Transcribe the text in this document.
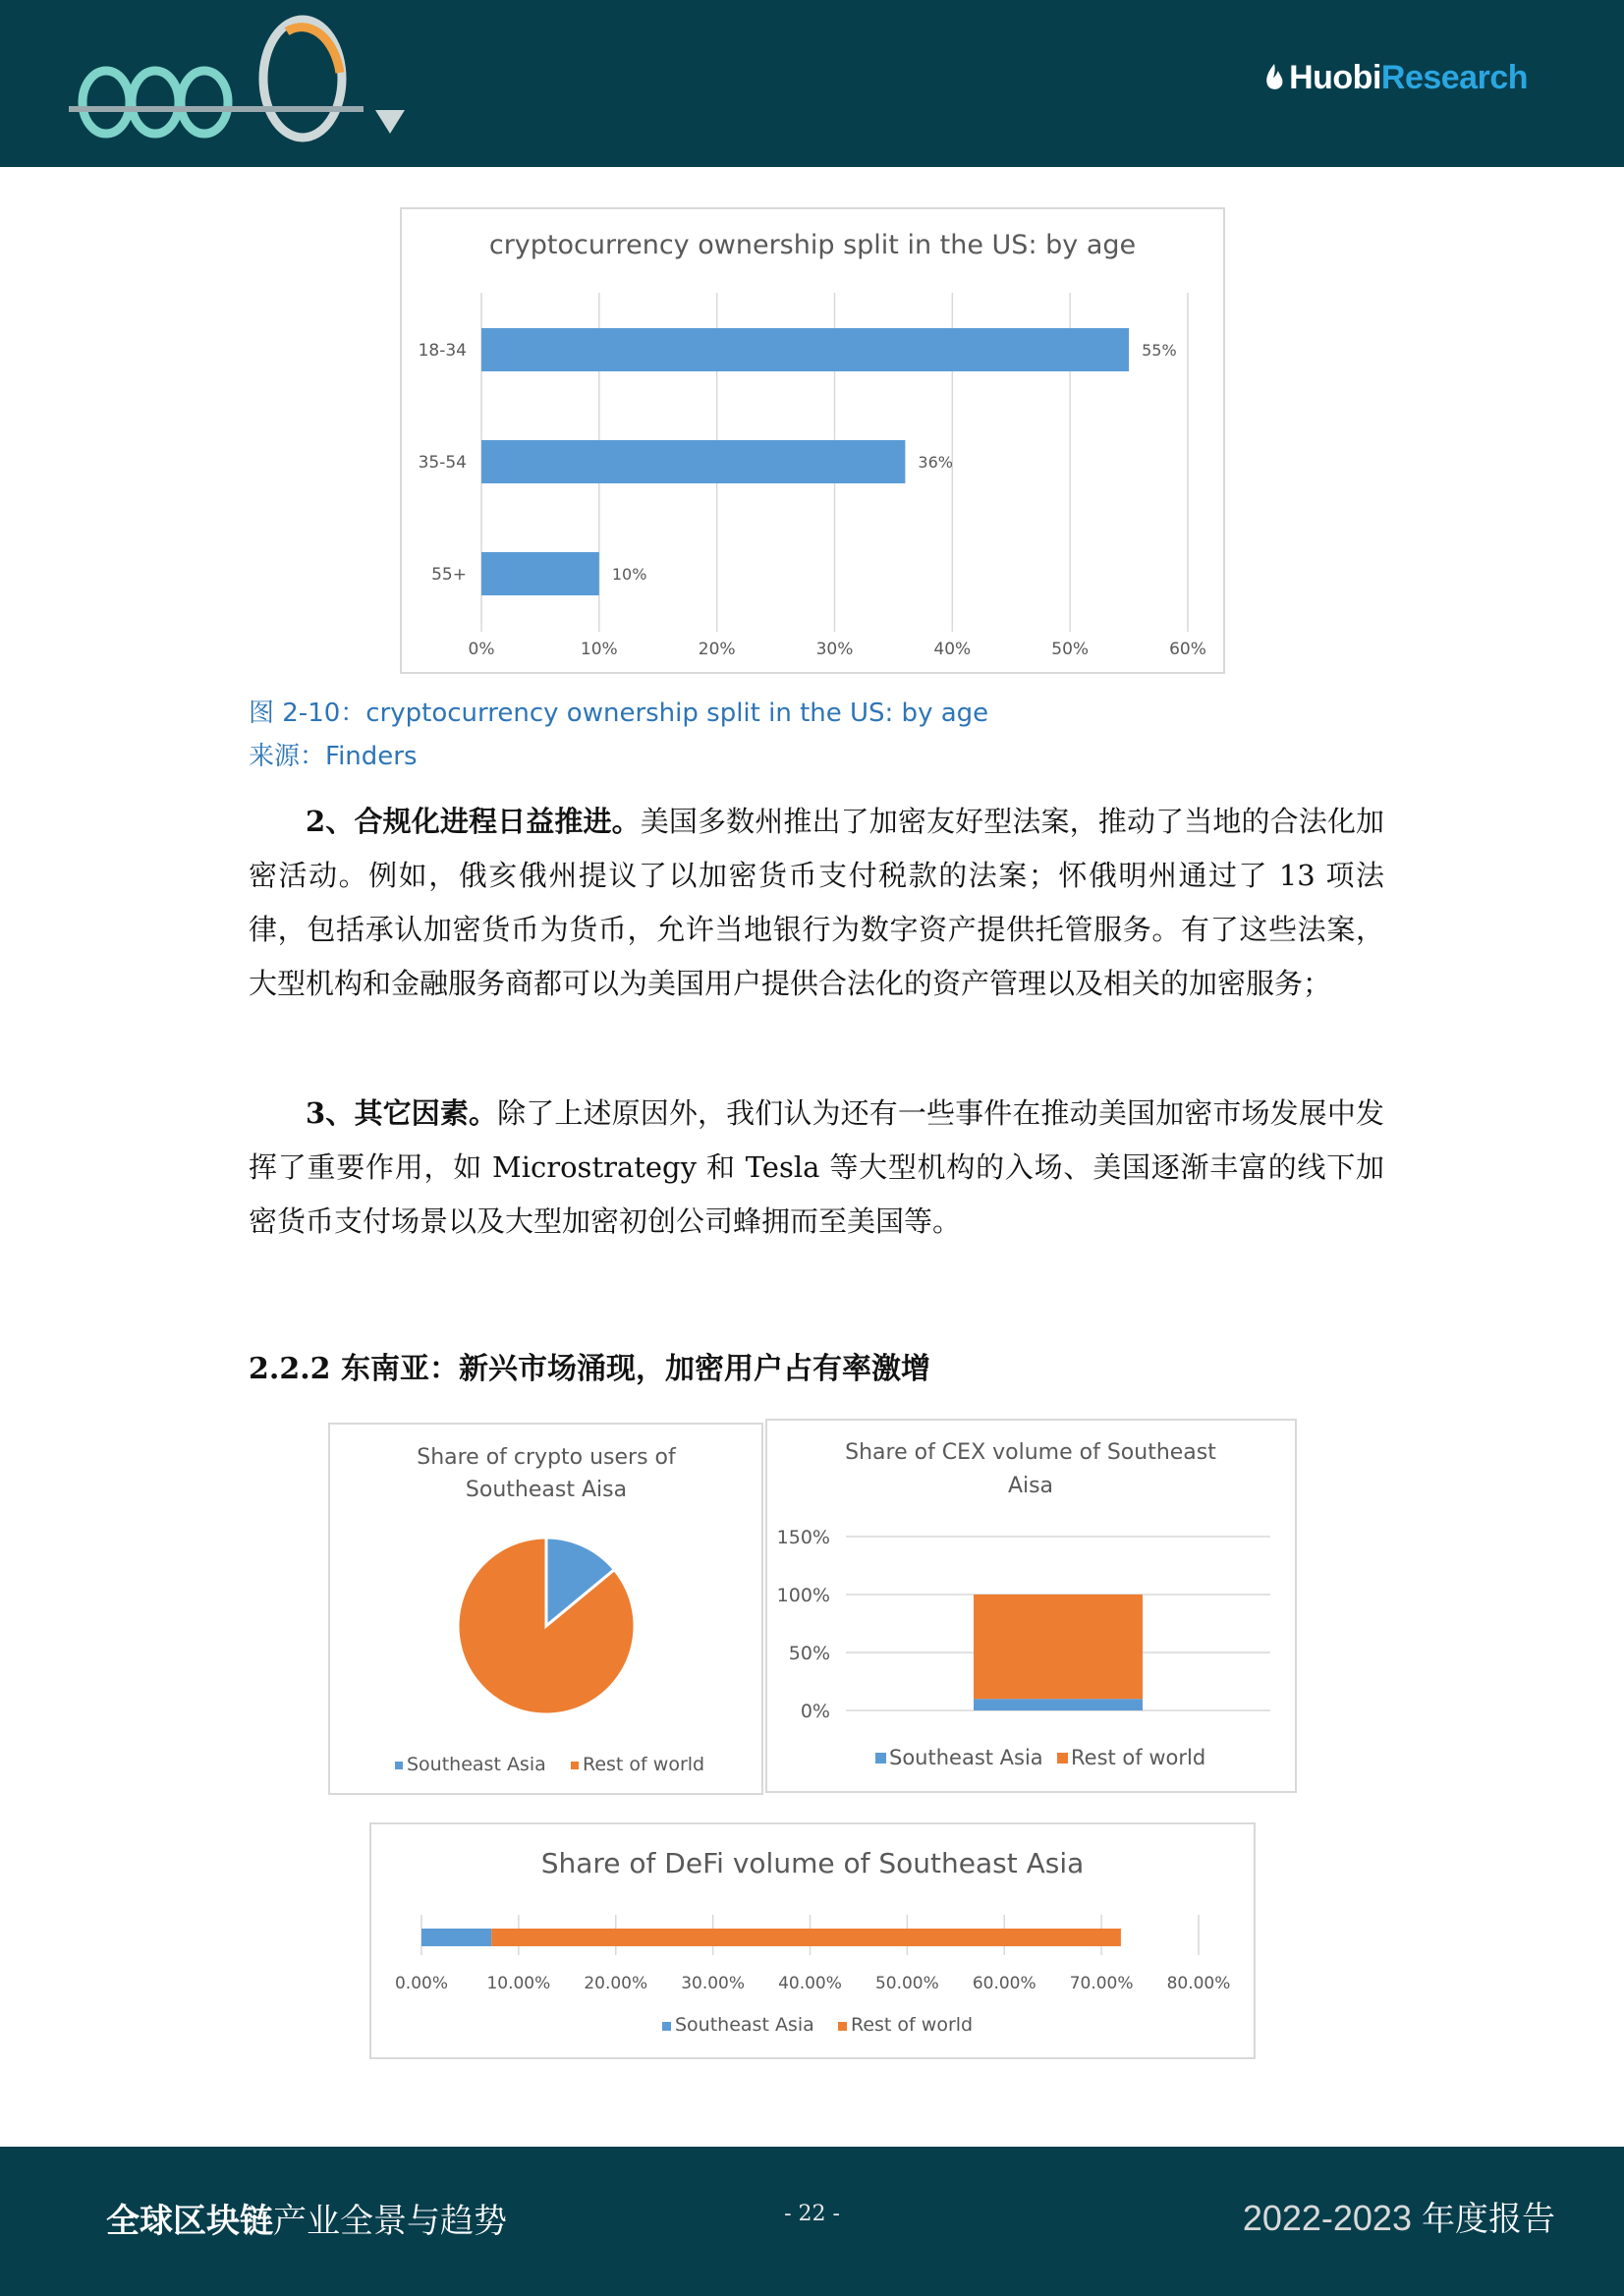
HuobiResearch
cryptocurrency ownership split in the US: by age
0%	10%	20%	30%	40%	50%	60%
18-34	55%
35-54	36%
55+	10%
图 2-10：cryptocurrency ownership split in the US: by age
来源：Finders
2、合规化进程日益推进。美国多数州推出了加密友好型法案，推动了当地的合法化加密活动。例如，俄亥俄州提议了以加密货币支付税款的法案；怀俄明州通过了 13 项法律，包括承认加密货币为货币，允许当地银行为数字资产提供托管服务。有了这些法案，大型机构和金融服务商都可以为美国用户提供合法化的资产管理以及相关的加密服务；
3、其它因素。除了上述原因外，我们认为还有一些事件在推动美国加密市场发展中发挥了重要作用，如 Microstrategy 和 Tesla 等大型机构的入场、美国逐渐丰富的线下加密货币支付场景以及大型加密初创公司蜂拥而至美国等。
2.2.2 东南亚：新兴市场涌现，加密用户占有率激增
Share of crypto users of
Southeast Aisa
Southeast Asia Rest of world
Share of CEX volume of Southeast
Aisa
0%
50%
100%
150%
Southeast Asia Rest of world
Share of DeFi volume of Southeast Asia
0.00% 10.00% 20.00% 30.00% 40.00% 50.00% 60.00% 70.00% 80.00%
Southeast Asia Rest of world
全球区块链产业全景与趋势	- 22 -	2022-2023 年度报告
